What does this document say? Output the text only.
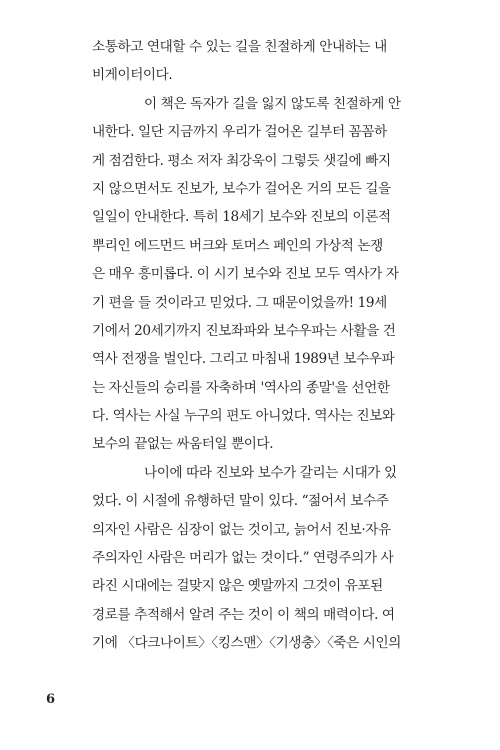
소통하고 연대할 수 있는 길을 친절하게 안내하는 내
비게이터이다.
이 책은 독자가 길을 잃지 않도록 친절하게 안
내한다. 일단 지금까지 우리가 걸어온 길부터 꼼꼼하
게 점검한다. 평소 저자 최강욱이 그렇듯 샛길에 빠지
지 않으면서도 진보가, 보수가 걸어온 거의 모든 길을
일일이 안내한다. 특히 18세기 보수와 진보의 이론적
뿌리인 에드먼드 버크와 토머스 페인의 가상적 논쟁
은 매우 흥미롭다. 이 시기 보수와 진보 모두 역사가 자
기 편을 들 것이라고 믿었다. 그 때문이었을까! 19세
기에서 20세기까지 진보좌파와 보수우파는 사활을 건
역사 전쟁을 벌인다. 그리고 마침내 1989년 보수우파
는 자신들의 승리를 자축하며 '역사의 종말'을 선언한
다. 역사는 사실 누구의 편도 아니었다. 역사는 진보와
보수의 끝없는 싸움터일 뿐이다.
나이에 따라 진보와 보수가 갈리는 시대가 있
었다. 이 시절에 유행하던 말이 있다. “젊어서 보수주
의자인 사람은 심장이 없는 것이고, 늙어서 진보·자유
주의자인 사람은 머리가 없는 것이다.” 연령주의가 사
라진 시대에는 걸맞지 않은 옛말까지 그것이 유포된
경로를 추적해서 알려 주는 것이 이 책의 매력이다. 여
기에 〈다크나이트〉〈킹스맨〉〈기생충〉〈죽은 시인의
6
